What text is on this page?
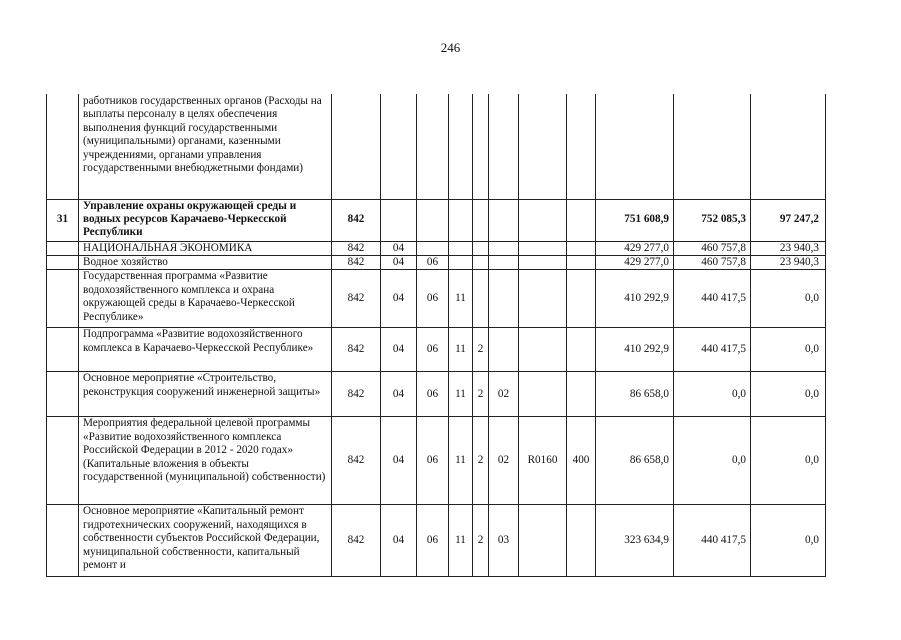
246
	работников государственных органов (Расходы на выплаты персоналу в целях обеспечения выполнения функций государственными (муниципальными) органами, казенными учреждениями, органами управления государственными внебюджетными фондами)											
31	Управление охраны окружающей среды и водных ресурсов Карачаево-Черкесской Республики	842								751 608,9	752 085,3	97 247,2
	НАЦИОНАЛЬНАЯ ЭКОНОМИКА	842	04							429 277,0	460 757,8	23 940,3
	Водное хозяйство	842	04	06						429 277,0	460 757,8	23 940,3
	Государственная программа «Развитие водохозяйственного комплекса и охрана окружающей среды в Карачаево-Черкесской Республике»	842	04	06	11					410 292,9	440 417,5	0,0
	Подпрограмма «Развитие водохозяйственного комплекса в Карачаево-Черкесской Республике»	842	04	06	11	2				410 292,9	440 417,5	0,0
	Основное мероприятие «Строительство, реконструкция сооружений инженерной защиты»	842	04	06	11	2	02			86 658,0	0,0	0,0
	Мероприятия федеральной целевой программы «Развитие водохозяйственного комплекса Российской Федерации в 2012 - 2020 годах» (Капитальные вложения в объекты государственной (муниципальной) собственности)	842	04	06	11	2	02	R0160	400	86 658,0	0,0	0,0
	Основное мероприятие «Капитальный ремонт гидротехнических сооружений, находящихся в собственности субъектов Российской Федерации, муниципальной собственности, капитальный ремонт и	842	04	06	11	2	03			323 634,9	440 417,5	0,0
